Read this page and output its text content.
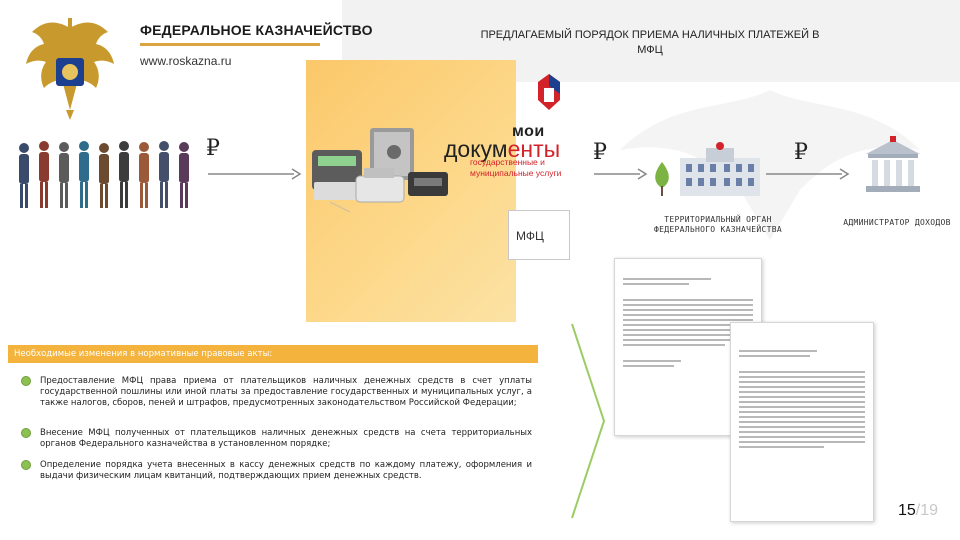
ПРЕДЛАГАЕМЫЙ ПОРЯДОК ПРИЕМА НАЛИЧНЫХ ПЛАТЕЖЕЙ В МФЦ
ФЕДЕРАЛЬНОЕ КАЗНАЧЕЙСТВО
www.roskazna.ru
₽
МФЦ
мои
документы
государственные и муниципальные услуги
₽
ТЕРРИТОРИАЛЬНЫЙ ОРГАН ФЕДЕРАЛЬНОГО КАЗНАЧЕЙСТВА
₽
АДМИНИСТРАТОР ДОХОДОВ
Необходимые изменения в нормативные правовые акты:
Предоставление МФЦ права приема от плательщиков наличных денежных средств в счет уплаты государственной пошлины или иной платы за предоставление государственных и муниципальных услуг, а также налогов, сборов, пеней и штрафов, предусмотренных законодательством Российской Федерации;
Внесение МФЦ полученных от плательщиков наличных денежных средств на счета территориальных органов Федерального казначейства в установленном порядке;
Определение порядка учета внесенных в кассу денежных средств по каждому платежу, оформления и выдачи физическим лицам квитанций, подтверждающих прием денежных средств.
15/19
